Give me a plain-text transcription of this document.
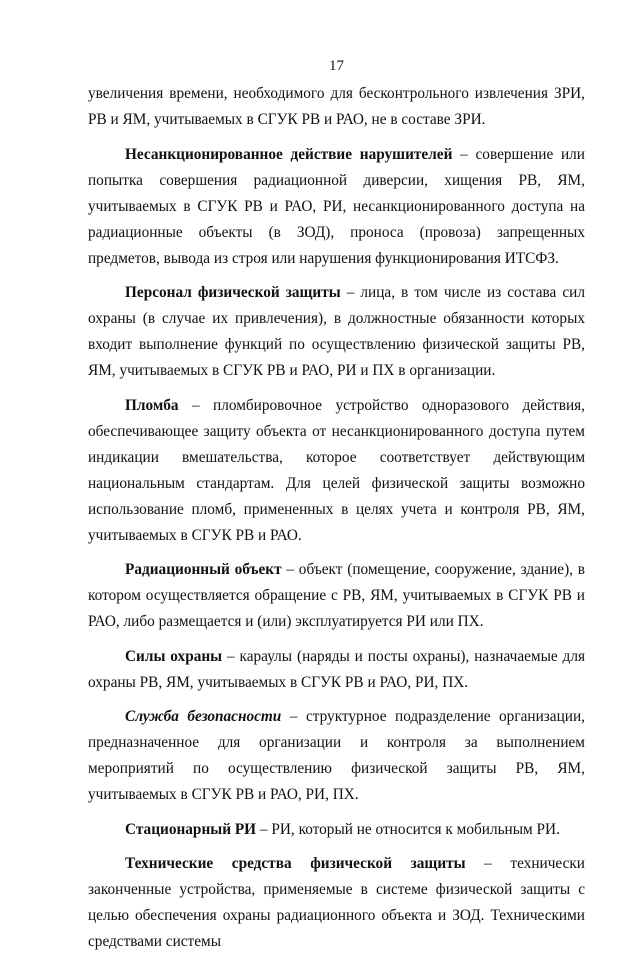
17

увеличения времени, необходимого для бесконтрольного извлечения ЗРИ, РВ и ЯМ, учитываемых в СГУК РВ и РАО, не в составе ЗРИ.

Несанкционированное действие нарушителей – совершение или попытка совершения радиационной диверсии, хищения РВ, ЯМ, учитываемых в СГУК РВ и РАО, РИ, несанкционированного доступа на радиационные объекты (в ЗОД), проноса (провоза) запрещенных предметов, вывода из строя или нарушения функционирования ИТСФЗ.

Персонал физической защиты – лица, в том числе из состава сил охраны (в случае их привлечения), в должностные обязанности которых входит выполнение функций по осуществлению физической защиты РВ, ЯМ, учитываемых в СГУК РВ и РАО, РИ и ПХ в организации.

Пломба – пломбировочное устройство одноразового действия, обеспечивающее защиту объекта от несанкционированного доступа путем индикации вмешательства, которое соответствует действующим национальным стандартам. Для целей физической защиты возможно использование пломб, примененных в целях учета и контроля РВ, ЯМ, учитываемых в СГУК РВ и РАО.

Радиационный объект – объект (помещение, сооружение, здание), в котором осуществляется обращение с РВ, ЯМ, учитываемых в СГУК РВ и РАО, либо размещается и (или) эксплуатируется РИ или ПХ.

Силы охраны – караулы (наряды и посты охраны), назначаемые для охраны РВ, ЯМ, учитываемых в СГУК РВ и РАО, РИ, ПХ.

Служба безопасности – структурное подразделение организации, предназначенное для организации и контроля за выполнением мероприятий по осуществлению физической защиты РВ, ЯМ, учитываемых в СГУК РВ и РАО, РИ, ПХ.

Стационарный РИ – РИ, который не относится к мобильным РИ.

Технические средства физической защиты – технически законченные устройства, применяемые в системе физической защиты с целью обеспечения охраны радиационного объекта и ЗОД. Техническими средствами системы
